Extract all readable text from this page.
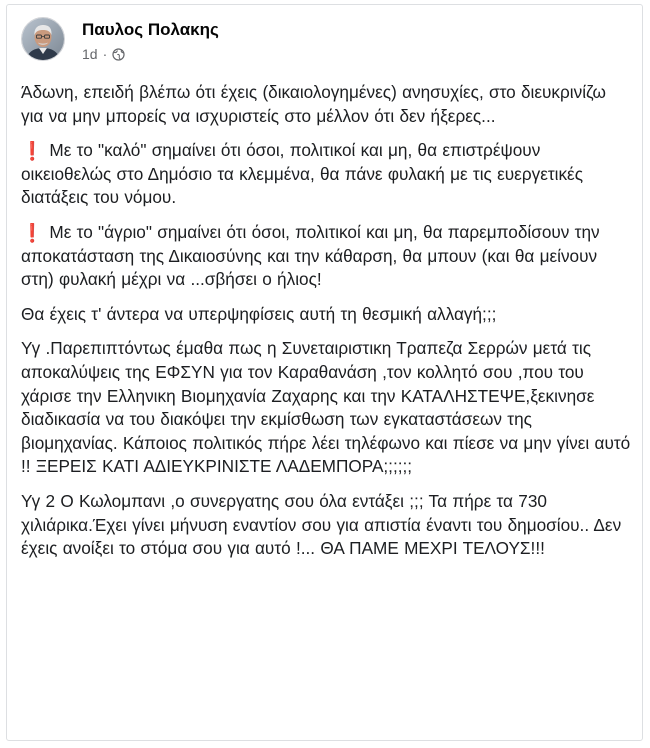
Παυλος Πολακης
1d ·

Άδωνη, επειδή βλέπω ότι έχεις (δικαιολογημένες) ανησυχίες, στο διευκρινίζω για να μην μπορείς να ισχυριστείς στο μέλλον ότι δεν ήξερες...

❗ Με το "καλό" σημαίνει ότι όσοι, πολιτικοί και μη, θα επιστρέψουν οικειοθελώς στο Δημόσιο τα κλεμμένα, θα πάνε φυλακή με τις ευεργετικές διατάξεις του νόμου.

❗ Με το "άγριο" σημαίνει ότι όσοι, πολιτικοί και μη, θα παρεμποδίσουν την αποκατάσταση της Δικαιοσύνης και την κάθαρση, θα μπουν (και θα μείνουν στη) φυλακή μέχρι να ...σβήσει ο ήλιος!

Θα έχεις τ' άντερα να υπερψηφίσεις αυτή τη θεσμική αλλαγή;;;

Υγ .Παρεπιπτόντως έμαθα πως η Συνεταιριστικη Τραπεζα Σερρών μετά τις αποκαλύψεις της ΕΦΣΥΝ για τον Καραθανάση ,τον κολλητό σου ,που του χάρισε την Ελληνικη Βιομηχανία Ζαχαρης και την ΚΑΤΑΛΗΣΤΕΨΕ,ξεκινησε διαδικασία να του διακόψει την εκμίσθωση των εγκαταστάσεων της βιομηχανίας. Κάποιος πολιτικός πήρε λέει τηλέφωνο και πίεσε να μην γίνει αυτό !! ΞΕΡΕΙΣ ΚΑΤΙ ΑΔΙΕΥΚΡΙΝΙΣΤΕ ΛΑΔΕΜΠΟΡΑ;;;;;;

Υγ 2 Ο Κωλομπανι ,ο συνεργατης σου όλα εντάξει ;;; Τα πήρε τα 730 χιλιάρικα.Έχει γίνει μήνυση εναντίον σου για απιστία έναντι του δημοσίου.. Δεν έχεις ανοίξει το στόμα σου για αυτό !... ΘΑ ΠΑΜΕ ΜΕΧΡΙ ΤΕΛΟΥΣ!!!
